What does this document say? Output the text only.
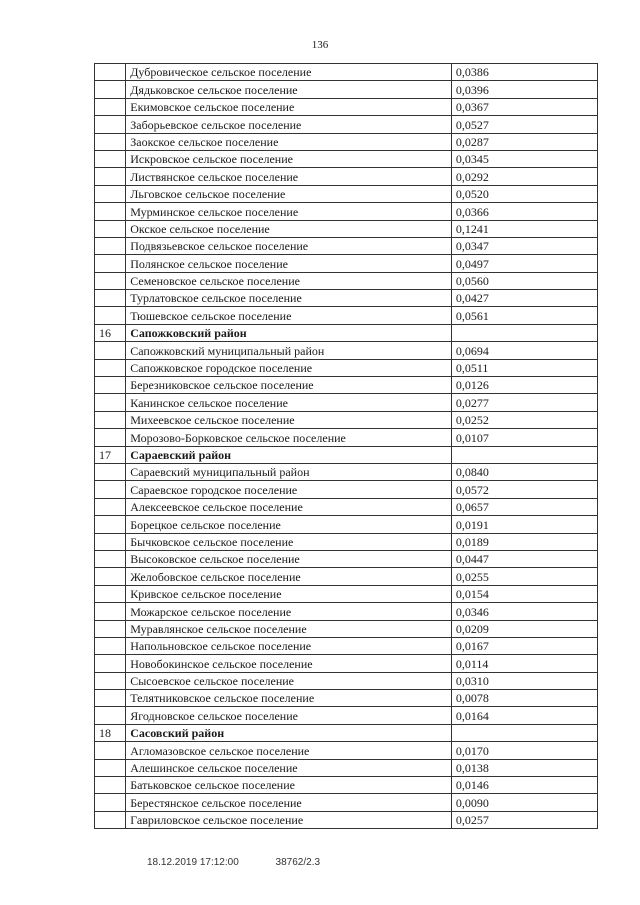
136
	Дубровическое сельское поселение	0,0386
	Дядьковское сельское поселение	0,0396
	Екимовское сельское поселение	0,0367
	Заборьевское сельское поселение	0,0527
	Заокское сельское поселение	0,0287
	Искровское сельское поселение	0,0345
	Листвянское сельское поселение	0,0292
	Льговское сельское поселение	0,0520
	Мурминское сельское поселение	0,0366
	Окское сельское поселение	0,1241
	Подвязьевское сельское поселение	0,0347
	Полянское сельское поселение	0,0497
	Семеновское сельское поселение	0,0560
	Турлатовское сельское поселение	0,0427
	Тюшевское сельское поселение	0,0561
16	Сапожковский район	
	Сапожковский муниципальный район	0,0694
	Сапожковское городское поселение	0,0511
	Березниковское сельское поселение	0,0126
	Канинское сельское поселение	0,0277
	Михеевское сельское поселение	0,0252
	Морозово-Борковское сельское поселение	0,0107
17	Сараевский район	
	Сараевский муниципальный район	0,0840
	Сараевское городское поселение	0,0572
	Алексеевское сельское поселение	0,0657
	Борецкое сельское поселение	0,0191
	Бычковское сельское поселение	0,0189
	Высоковское сельское поселение	0,0447
	Желобовское сельское поселение	0,0255
	Кривское сельское поселение	0,0154
	Можарское сельское поселение	0,0346
	Муравлянское сельское поселение	0,0209
	Напольновское сельское поселение	0,0167
	Новобокинское сельское поселение	0,0114
	Сысоевское сельское поселение	0,0310
	Телятниковское сельское поселение	0,0078
	Ягодновское сельское поселение	0,0164
18	Сасовский район	
	Агломазовское сельское поселение	0,0170
	Алешинское сельское поселение	0,0138
	Батьковское сельское поселение	0,0146
	Берестянское сельское поселение	0,0090
	Гавриловское сельское поселение	0,0257
18.12.2019 17:12:00	38762/2.3
